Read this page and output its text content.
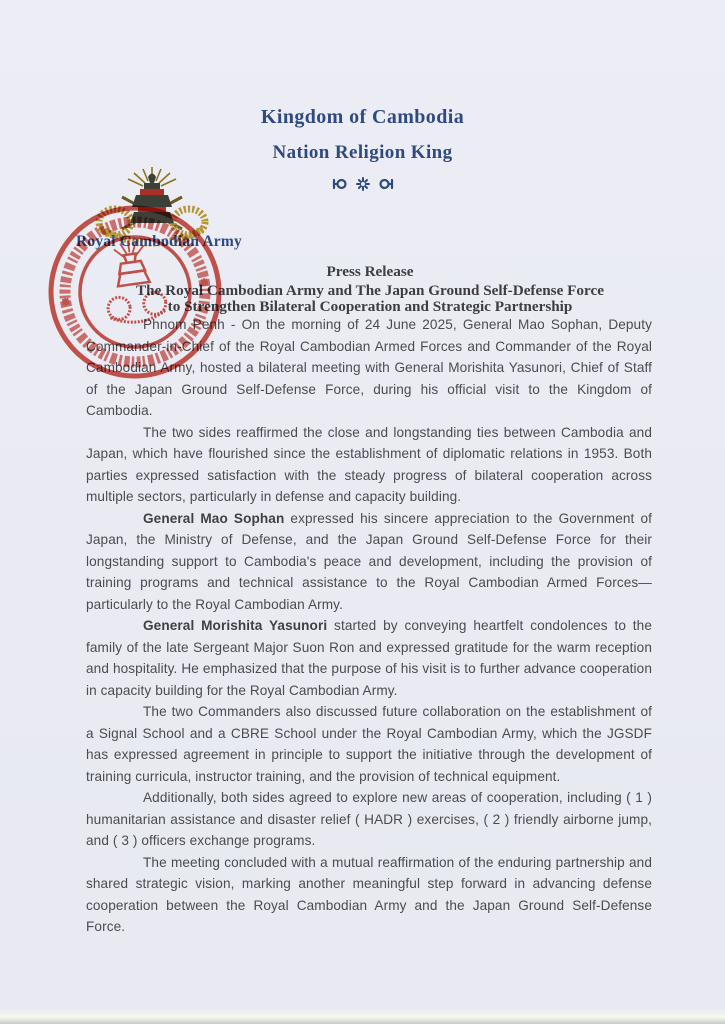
Kingdom of Cambodia
Nation Religion King
Royal Cambodian Army
Press Release
The Royal Cambodian Army and The Japan Ground Self-Defense Force
to Strengthen Bilateral Cooperation and Strategic Partnership

Phnom Penh - On the morning of 24 June 2025, General Mao Sophan, Deputy Commander-in-Chief of the Royal Cambodian Armed Forces and Commander of the Royal Cambodian Army, hosted a bilateral meeting with General Morishita Yasunori, Chief of Staff of the Japan Ground Self-Defense Force, during his official visit to the Kingdom of Cambodia.

The two sides reaffirmed the close and longstanding ties between Cambodia and Japan, which have flourished since the establishment of diplomatic relations in 1953. Both parties expressed satisfaction with the steady progress of bilateral cooperation across multiple sectors, particularly in defense and capacity building.

General Mao Sophan expressed his sincere appreciation to the Government of Japan, the Ministry of Defense, and the Japan Ground Self-Defense Force for their longstanding support to Cambodia's peace and development, including the provision of training programs and technical assistance to the Royal Cambodian Armed Forces—particularly to the Royal Cambodian Army.

General Morishita Yasunori started by conveying heartfelt condolences to the family of the late Sergeant Major Suon Ron and expressed gratitude for the warm reception and hospitality. He emphasized that the purpose of his visit is to further advance cooperation in capacity building for the Royal Cambodian Army.

The two Commanders also discussed future collaboration on the establishment of a Signal School and a CBRE School under the Royal Cambodian Army, which the JGSDF has expressed agreement in principle to support the initiative through the development of training curricula, instructor training, and the provision of technical equipment.

Additionally, both sides agreed to explore new areas of cooperation, including ( 1 ) humanitarian assistance and disaster relief ( HADR ) exercises, ( 2 ) friendly airborne jump, and ( 3 ) officers exchange programs.

The meeting concluded with a mutual reaffirmation of the enduring partnership and shared strategic vision, marking another meaningful step forward in advancing defense cooperation between the Royal Cambodian Army and the Japan Ground Self-Defense Force.
